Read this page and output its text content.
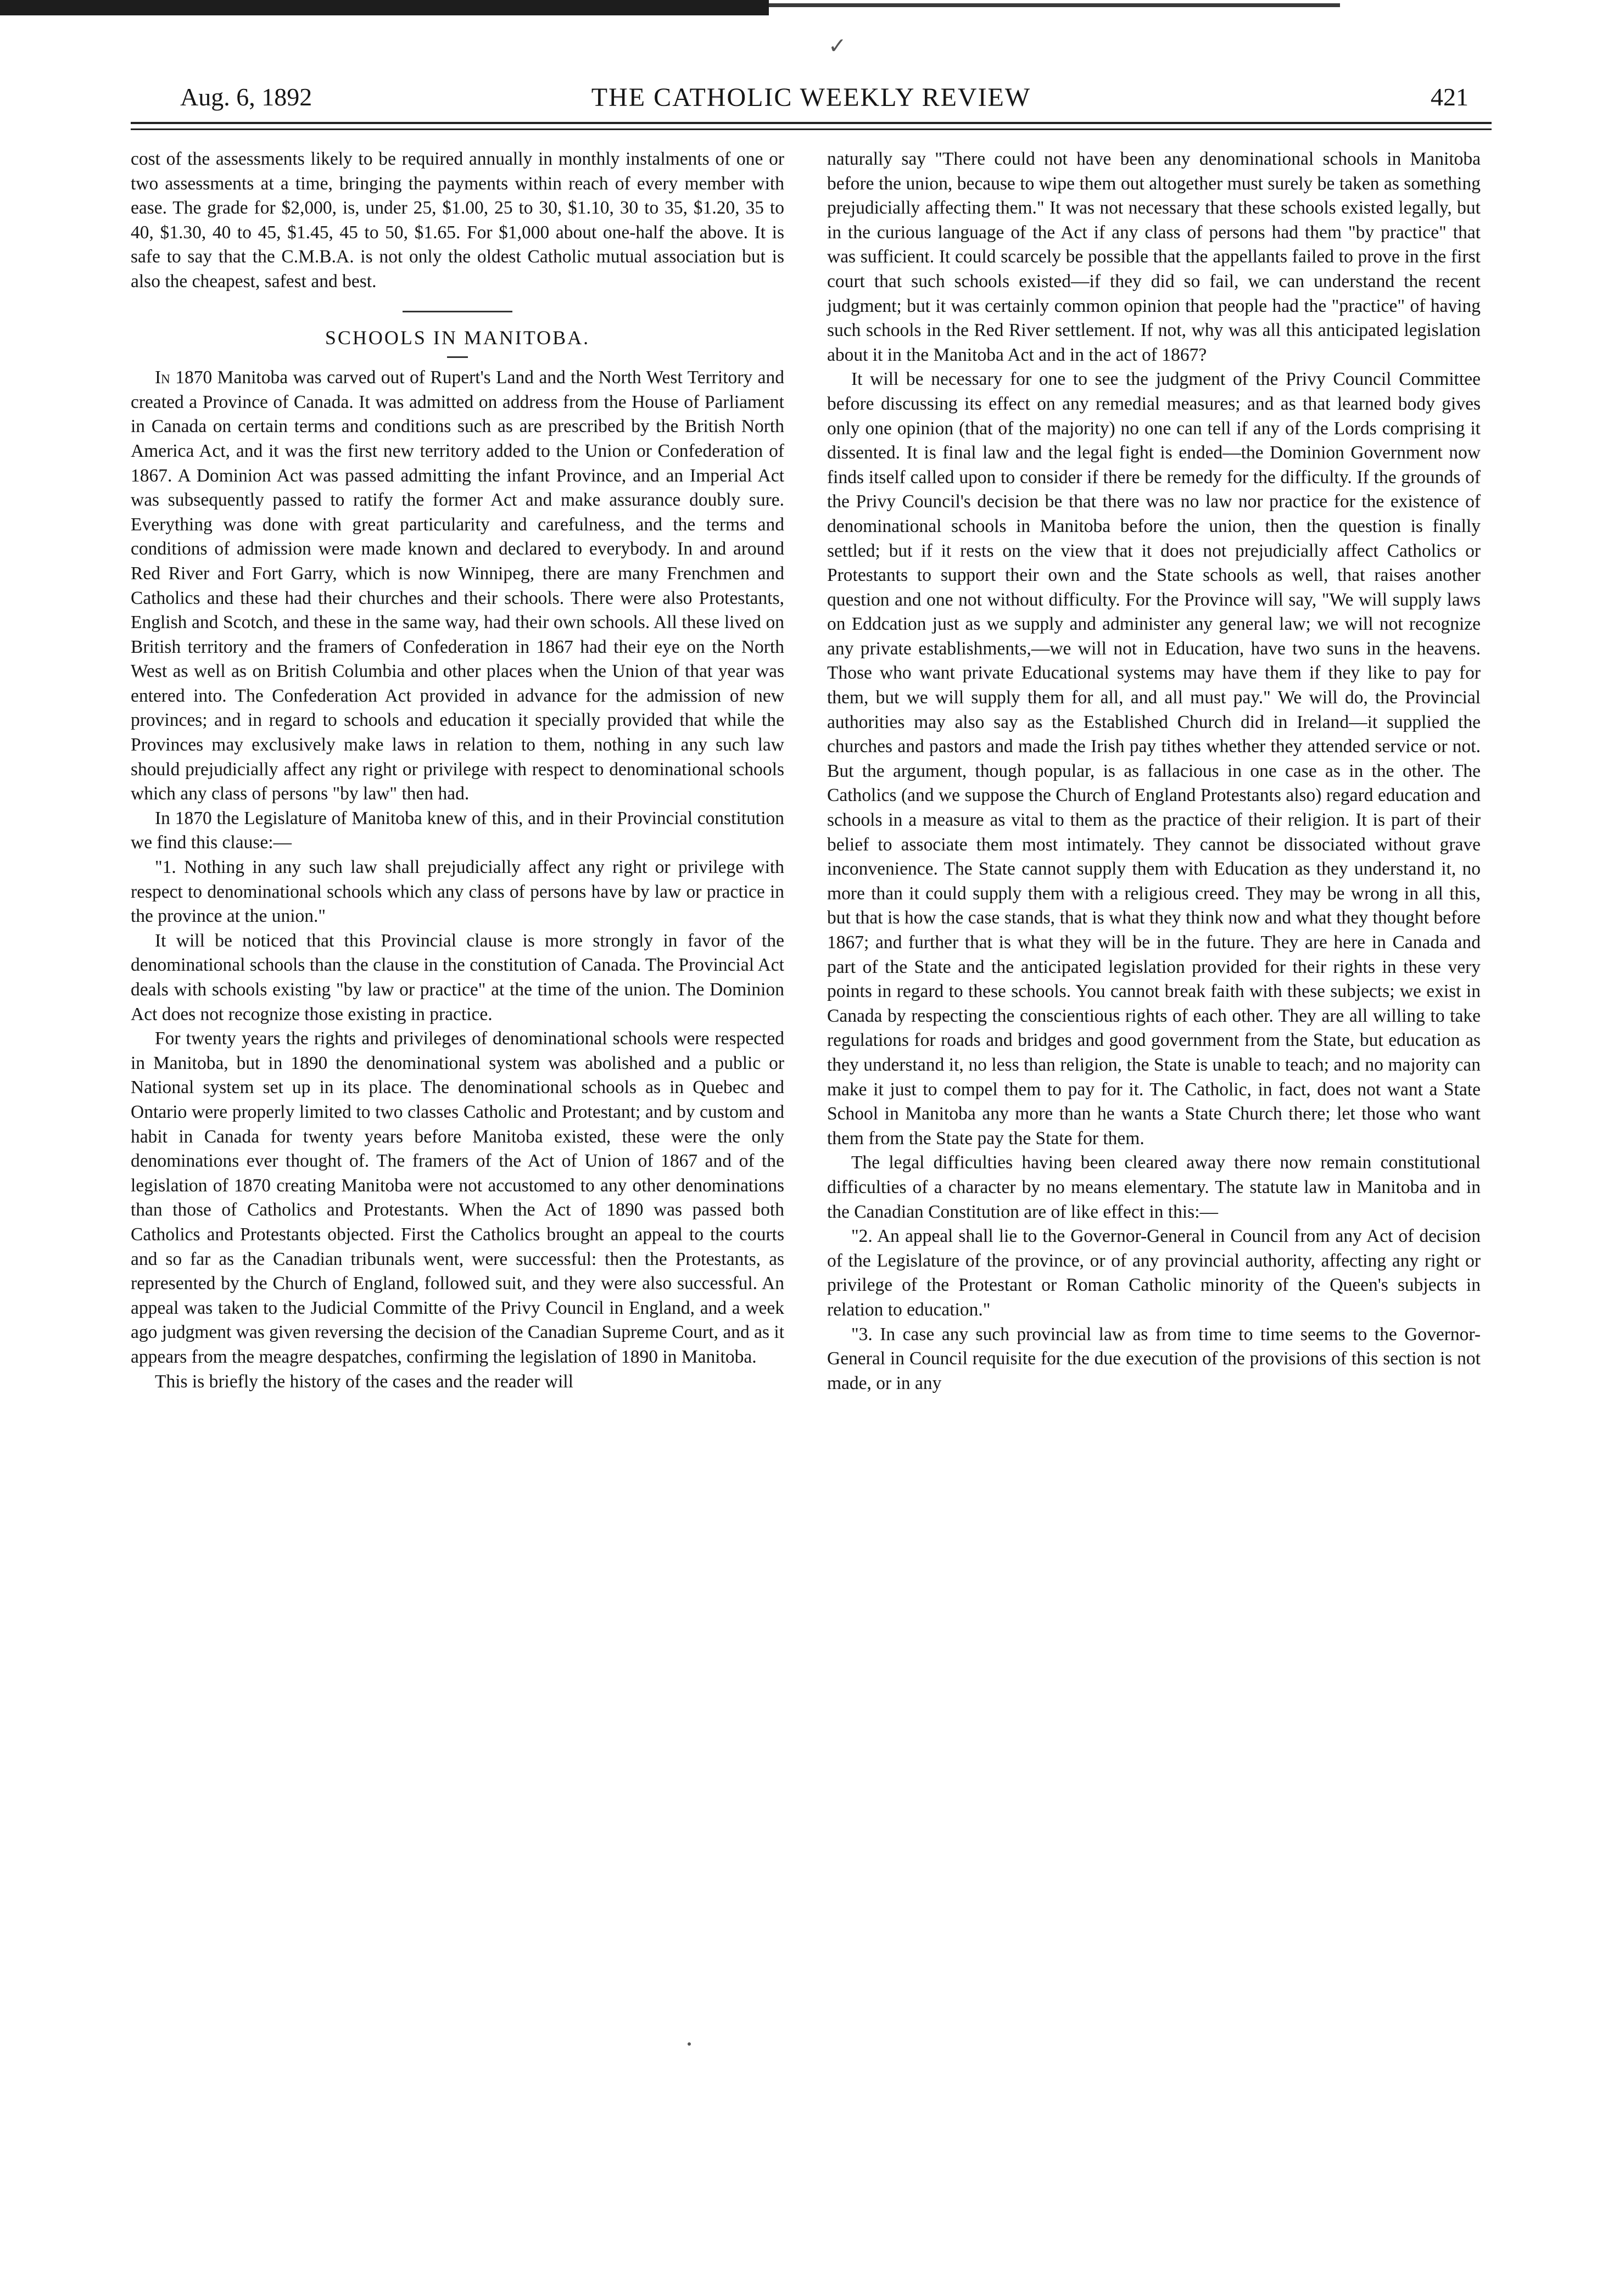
✓
THE CATHOLIC WEEKLY REVIEW
Aug. 6, 1892	421

cost of the assessments likely to be required annually in monthly instalments of one or two assessments at a time, bringing the payments within reach of every member with ease. The grade for $2,000, is, under 25, $1.00, 25 to 30, $1.10, 30 to 35, $1.20, 35 to 40, $1.30, 40 to 45, $1.45, 45 to 50, $1.65. For $1,000 about one-half the above. It is safe to say that the C.M.B.A. is not only the oldest Catholic mutual association but is also the cheapest, safest and best.

SCHOOLS IN MANITOBA.

In 1870 Manitoba was carved out of Rupert's Land and the North West Territory and created a Province of Canada. It was admitted on address from the House of Parliament in Canada on certain terms and conditions such as are prescribed by the British North America Act, and it was the first new territory added to the Union or Confederation of 1867. A Dominion Act was passed admitting the infant Province, and an Imperial Act was subsequently passed to ratify the former Act and make assurance doubly sure. Everything was done with great particularity and carefulness, and the terms and conditions of admission were made known and declared to everybody. In and around Red River and Fort Garry, which is now Winnipeg, there are many Frenchmen and Catholics and these had their churches and their schools. There were also Protestants, English and Scotch, and these in the same way, had their own schools. All these lived on British territory and the framers of Confederation in 1867 had their eye on the North West as well as on British Columbia and other places when the Union of that year was entered into. The Confederation Act provided in advance for the admission of new provinces; and in regard to schools and education it specially provided that while the Provinces may exclusively make laws in relation to them, nothing in any such law should prejudicially affect any right or privilege with respect to denominational schools which any class of persons "by law" then had.

In 1870 the Legislature of Manitoba knew of this, and in their Provincial constitution we find this clause:—

"1. Nothing in any such law shall prejudicially affect any right or privilege with respect to denominational schools which any class of persons have by law or practice in the province at the union."

It will be noticed that this Provincial clause is more strongly in favor of the denominational schools than the clause in the constitution of Canada. The Provincial Act deals with schools existing "by law or practice" at the time of the union. The Dominion Act does not recognize those existing in practice.

For twenty years the rights and privileges of denominational schools were respected in Manitoba, but in 1890 the denominational system was abolished and a public or National system set up in its place. The denominational schools as in Quebec and Ontario were properly limited to two classes Catholic and Protestant; and by custom and habit in Canada for twenty years before Manitoba existed, these were the only denominations ever thought of. The framers of the Act of Union of 1867 and of the legislation of 1870 creating Manitoba were not accustomed to any other denominations than those of Catholics and Protestants. When the Act of 1890 was passed both Catholics and Protestants objected. First the Catholics brought an appeal to the courts and so far as the Canadian tribunals went, were successful: then the Protestants, as represented by the Church of England, followed suit, and they were also successful. An appeal was taken to the Judicial Committe of the Privy Council in England, and a week ago judgment was given reversing the decision of the Canadian Supreme Court, and as it appears from the meagre despatches, confirming the legislation of 1890 in Manitoba.

This is briefly the history of the cases and the reader will

naturally say "There could not have been any denominational schools in Manitoba before the union, because to wipe them out altogether must surely be taken as something prejudicially affecting them." It was not necessary that these schools existed legally, but in the curious language of the Act if any class of persons had them "by practice" that was sufficient. It could scarcely be possible that the appellants failed to prove in the first court that such schools existed—if they did so fail, we can understand the recent judgment; but it was certainly common opinion that people had the "practice" of having such schools in the Red River settlement. If not, why was all this anticipated legislation about it in the Manitoba Act and in the act of 1867?

It will be necessary for one to see the judgment of the Privy Council Committee before discussing its effect on any remedial measures; and as that learned body gives only one opinion (that of the majority) no one can tell if any of the Lords comprising it dissented. It is final law and the legal fight is ended—the Dominion Government now finds itself called upon to consider if there be remedy for the difficulty. If the grounds of the Privy Council's decision be that there was no law nor practice for the existence of denominational schools in Manitoba before the union, then the question is finally settled; but if it rests on the view that it does not prejudicially affect Catholics or Protestants to support their own and the State schools as well, that raises another question and one not without difficulty. For the Province will say, "We will supply laws on Eddcation just as we supply and administer any general law; we will not recognize any private establishments,—we will not in Education, have two suns in the heavens. Those who want private Educational systems may have them if they like to pay for them, but we will supply them for all, and all must pay." We will do, the Provincial authorities may also say as the Established Church did in Ireland—it supplied the churches and pastors and made the Irish pay tithes whether they attended service or not. But the argument, though popular, is as fallacious in one case as in the other. The Catholics (and we suppose the Church of England Protestants also) regard education and schools in a measure as vital to them as the practice of their religion. It is part of their belief to associate them most intimately. They cannot be dissociated without grave inconvenience. The State cannot supply them with Education as they understand it, no more than it could supply them with a religious creed. They may be wrong in all this, but that is how the case stands, that is what they think now and what they thought before 1867; and further that is what they will be in the future. They are here in Canada and part of the State and the anticipated legislation provided for their rights in these very points in regard to these schools. You cannot break faith with these subjects; we exist in Canada by respecting the conscientious rights of each other. They are all willing to take regulations for roads and bridges and good government from the State, but education as they understand it, no less than religion, the State is unable to teach; and no majority can make it just to compel them to pay for it. The Catholic, in fact, does not want a State School in Manitoba any more than he wants a State Church there; let those who want them from the State pay the State for them.

The legal difficulties having been cleared away there now remain constitutional difficulties of a character by no means elementary. The statute law in Manitoba and in the Canadian Constitution are of like effect in this:—

"2. An appeal shall lie to the Governor-General in Council from any Act of decision of the Legislature of the province, or of any provincial authority, affecting any right or privilege of the Protestant or Roman Catholic minority of the Queen's subjects in relation to education."

"3. In case any such provincial law as from time to time seems to the Governor-General in Council requisite for the due execution of the provisions of this section is not made, or in any
